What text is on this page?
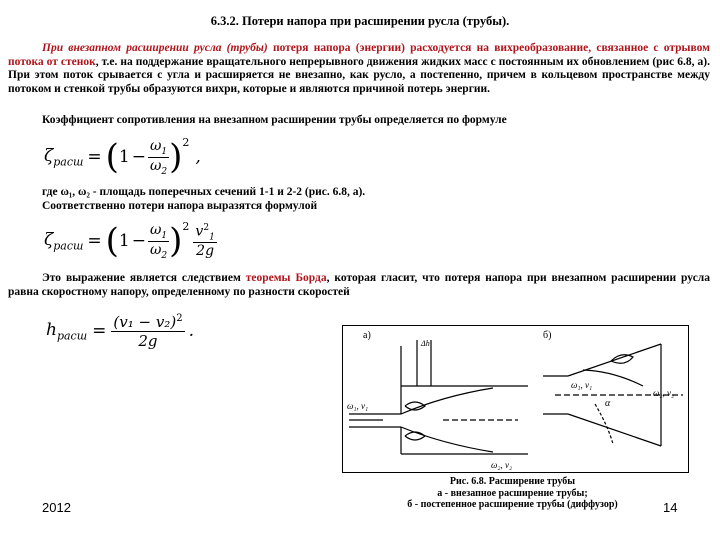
6.3.2. Потери напора при расширении русла (трубы).
При внезапном расширении русла (трубы) потеря напора (энергии) расходуется на вихреобразование, связанное с отрывом потока от стенок, т.е. на поддержание вращательного непрерывного движения жидких масс с постоянным их обновлением (рис 6.8, а). При этом поток срывается с угла и расширяется не внезапно, как русло, а постепенно, причем в кольцевом пространстве между потоком и стенкой трубы образуются вихри, которые и являются причиной потерь энергии.
Коэффициент сопротивления на внезапном расширении трубы определяется по формуле
$\zeta_{расш}$ = ( $1 - \frac{\omega_1}{\omega_2} )^2$
,
где ω₁, ω₂ - площадь поперечных сечений 1-1 и 2-2 (рис. 6.8, а).
Соответственно потери напора выразятся формулой
$\zeta_{расш}$ = ( $1 - \frac{\omega_1}{\omega_2} )^2 \frac{v^2_1}{2g}$
Это выражение является следствием теоремы Борда, которая гласит, что потеря напора при внезапном расширении русла равна скоростному напору, определенному по разности скоростей
$h_{расш} = \frac{(v_1 - v_2)^2}{2g}$ .	а)
Δh
ω₁, v₁
ω₂, v₂
б)
ω₁, v₁
ω₂, v₂
α
Рис. 6.8. Расширение трубы
а - внезапное расширение трубы;
б - постепенное расширение трубы (диффузор)
2012	14
